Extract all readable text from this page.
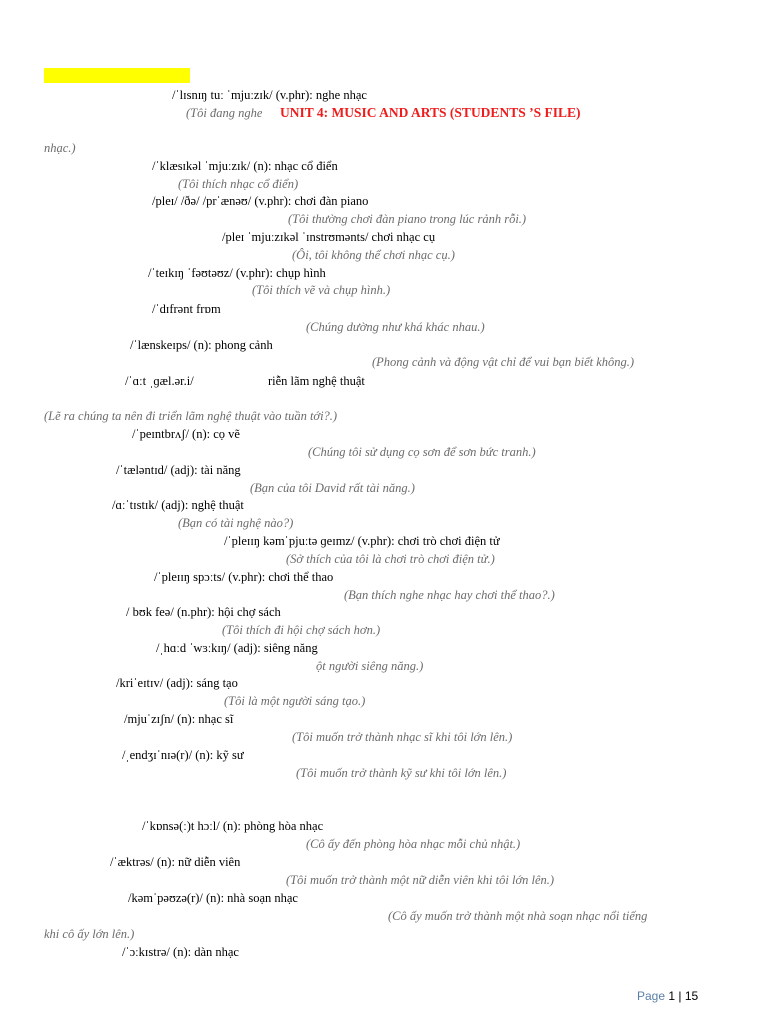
/ˈlɪsnɪŋ tuː ˈmjuːzɪk/ (v.phr): nghe nhạc
(Tôi đang nghe UNIT 4: MUSIC AND ARTS (STUDENTS ’S FILE)
nhạc.)
/ˈklæsɪkəl ˈmjuːzɪk/ (n): nhạc cổ điển
(Tôi thích nhạc cổ điển)
/pleɪ/ /ðə/ /prˈænəʊ/ (v.phr): chơi đàn piano
(Tôi thường chơi đàn piano trong lúc rảnh rỗi.)
/pleɪ ˈmjuːzɪkəl ˈɪnstrʊmənts/ chơi nhạc cụ
(Ôi, tôi không thể chơi nhạc cụ.)
/ˈteɪkɪŋ ˈfəʊtəʊz/ (v.phr): chụp hình
(Tôi thích vẽ và chụp hình.)
/ˈdɪfrənt frɒm
(Chúng dường như khá khác nhau.)
/ˈlænskeɪps/ (n): phong cảnh
(Phong cảnh và động vật chỉ để vui bạn biết không.)
/ˈɑːt ˌɡæl.ər.i/	riễn lãm nghệ thuật
(Lẽ ra chúng ta nên đi triển lãm nghệ thuật vào tuần tới?.)
/ˈpeɪntbrʌʃ/ (n): cọ vẽ
(Chúng tôi sử dụng cọ sơn để sơn bức tranh.)
/ˈtæləntɪd/ (adj): tài năng
(Bạn của tôi David rất tài năng.)
/ɑːˈtɪstɪk/ (adj): nghệ thuật
(Bạn có tài nghệ nào?)
/ˈpleɪɪŋ kəmˈpjuːtə ɡeɪmz/ (v.phr): chơi trò chơi điện tử
(Sở thích của tôi là chơi trò chơi điện tử.)
/ˈpleɪɪŋ spɔːts/ (v.phr): chơi thể thao
(Bạn thích nghe nhạc hay chơi thể thao?.)
/ bʊk feə/ (n.phr): hội chợ sách
(Tôi thích đi hội chợ sách hơn.)
/ˌhɑːd ˈwɜːkɪŋ/ (adj): siêng năng
ột người siêng năng.)
/kriˈeɪtɪv/ (adj): sáng tạo
(Tôi là một người sáng tạo.)
/mjuˈzɪʃn/ (n): nhạc sĩ
(Tôi muốn trở thành nhạc sĩ khi tôi lớn lên.)
/ˌendʒɪˈnɪə(r)/ (n): kỹ sư
(Tôi muốn trở thành kỹ sư khi tôi lớn lên.)
/ˈkɒnsə(ː)t hɔːl/ (n): phòng hòa nhạc
(Cô ấy đến phòng hòa nhạc mỗi chủ nhật.)
/ˈæktrəs/ (n): nữ diễn viên
(Tôi muốn trở thành một nữ diễn viên khi tôi lớn lên.)
/kəmˈpəʊzə(r)/ (n): nhà soạn nhạc
(Cô ấy muốn trở thành một nhà soạn nhạc nổi tiếng
khi cô ấy lớn lên.)
/ˈɔːkɪstrə/ (n): dàn nhạc
Page 1 | 15
